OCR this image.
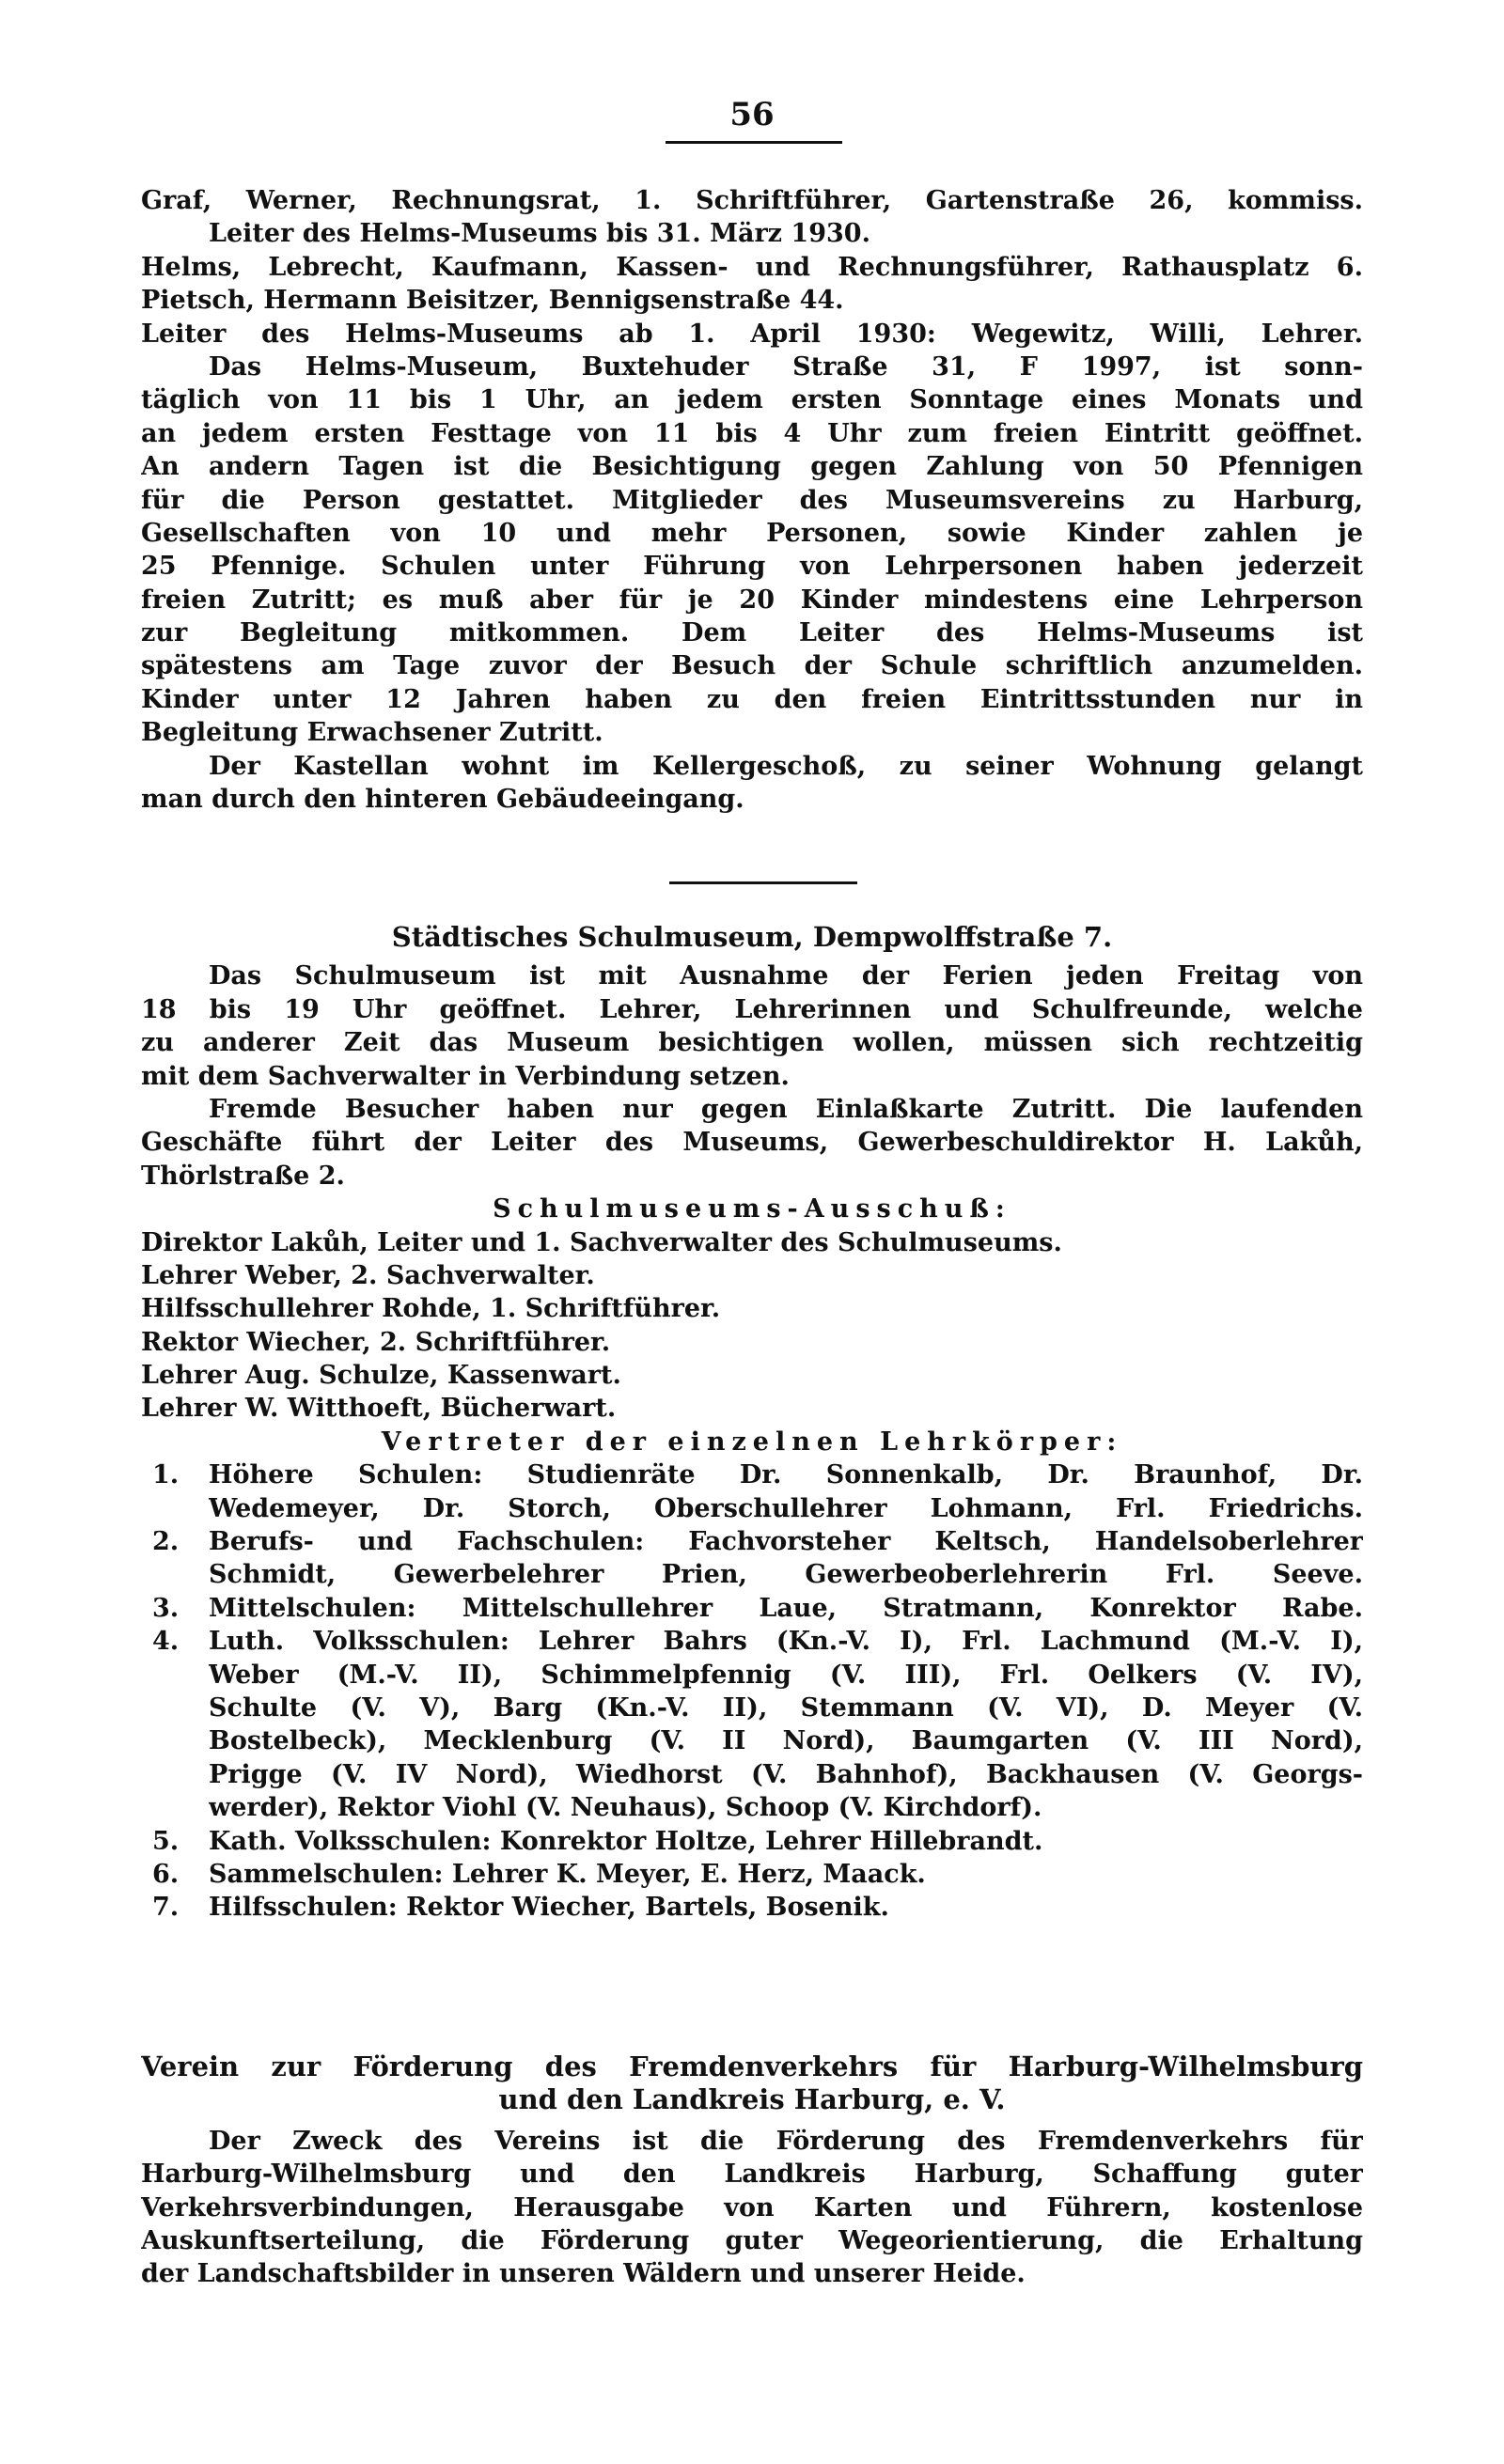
56
Graf, Werner, Rechnungsrat, 1. Schriftführer, Gartenstraße 26, kommiss.
Leiter des Helms-Museums bis 31. März 1930.
Helms, Lebrecht, Kaufmann, Kassen- und Rechnungsführer, Rathausplatz 6.
Pietsch, Hermann Beisitzer, Bennigsenstraße 44.
Leiter des Helms-Museums ab 1. April 1930: Wegewitz, Willi, Lehrer.
Das Helms-Museum, Buxtehuder Straße 31, F 1997, ist sonn-
täglich von 11 bis 1 Uhr, an jedem ersten Sonntage eines Monats und
an jedem ersten Festtage von 11 bis 4 Uhr zum freien Eintritt geöffnet.
An andern Tagen ist die Besichtigung gegen Zahlung von 50 Pfennigen
für die Person gestattet. Mitglieder des Museumsvereins zu Harburg,
Gesellschaften von 10 und mehr Personen, sowie Kinder zahlen je
25 Pfennige. Schulen unter Führung von Lehrpersonen haben jederzeit
freien Zutritt; es muß aber für je 20 Kinder mindestens eine Lehrperson
zur Begleitung mitkommen. Dem Leiter des Helms-Museums ist
spätestens am Tage zuvor der Besuch der Schule schriftlich anzumelden.
Kinder unter 12 Jahren haben zu den freien Eintrittsstunden nur in
Begleitung Erwachsener Zutritt.
Der Kastellan wohnt im Kellergeschoß, zu seiner Wohnung gelangt
man durch den hinteren Gebäudeeingang.
Städtisches Schulmuseum, Dempwolffstraße 7.
Das Schulmuseum ist mit Ausnahme der Ferien jeden Freitag von
18 bis 19 Uhr geöffnet. Lehrer, Lehrerinnen und Schulfreunde, welche
zu anderer Zeit das Museum besichtigen wollen, müssen sich rechtzeitig
mit dem Sachverwalter in Verbindung setzen.
Fremde Besucher haben nur gegen Einlaßkarte Zutritt. Die laufenden
Geschäfte führt der Leiter des Museums, Gewerbeschuldirektor H. Lakůh,
Thörlstraße 2.
Schulmuseums-Ausschuß:
Direktor Lakůh, Leiter und 1. Sachverwalter des Schulmuseums.
Lehrer Weber, 2. Sachverwalter.
Hilfsschullehrer Rohde, 1. Schriftführer.
Rektor Wiecher, 2. Schriftführer.
Lehrer Aug. Schulze, Kassenwart.
Lehrer W. Witthoeft, Bücherwart.
Vertreter der einzelnen Lehrkörper:
1. Höhere Schulen: Studienräte Dr. Sonnenkalb, Dr. Braunhof, Dr.
Wedemeyer, Dr. Storch, Oberschullehrer Lohmann, Frl. Friedrichs.
2. Berufs- und Fachschulen: Fachvorsteher Keltsch, Handelsoberlehrer
Schmidt, Gewerbelehrer Prien, Gewerbeoberlehrerin Frl. Seeve.
3. Mittelschulen: Mittelschullehrer Laue, Stratmann, Konrektor Rabe.
4. Luth. Volksschulen: Lehrer Bahrs (Kn.-V. I), Frl. Lachmund (M.-V. I),
Weber (M.-V. II), Schimmelpfennig (V. III), Frl. Oelkers (V. IV),
Schulte (V. V), Barg (Kn.-V. II), Stemmann (V. VI), D. Meyer (V.
Bostelbeck), Mecklenburg (V. II Nord), Baumgarten (V. III Nord),
Prigge (V. IV Nord), Wiedhorst (V. Bahnhof), Backhausen (V. Georgs-
werder), Rektor Viohl (V. Neuhaus), Schoop (V. Kirchdorf).
5. Kath. Volksschulen: Konrektor Holtze, Lehrer Hillebrandt.
6. Sammelschulen: Lehrer K. Meyer, E. Herz, Maack.
7. Hilfsschulen: Rektor Wiecher, Bartels, Bosenik.
Verein zur Förderung des Fremdenverkehrs für Harburg-Wilhelmsburg
und den Landkreis Harburg, e. V.
Der Zweck des Vereins ist die Förderung des Fremdenverkehrs für
Harburg-Wilhelmsburg und den Landkreis Harburg, Schaffung guter
Verkehrsverbindungen, Herausgabe von Karten und Führern, kostenlose
Auskunftserteilung, die Förderung guter Wegeorientierung, die Erhaltung
der Landschaftsbilder in unseren Wäldern und unserer Heide.
